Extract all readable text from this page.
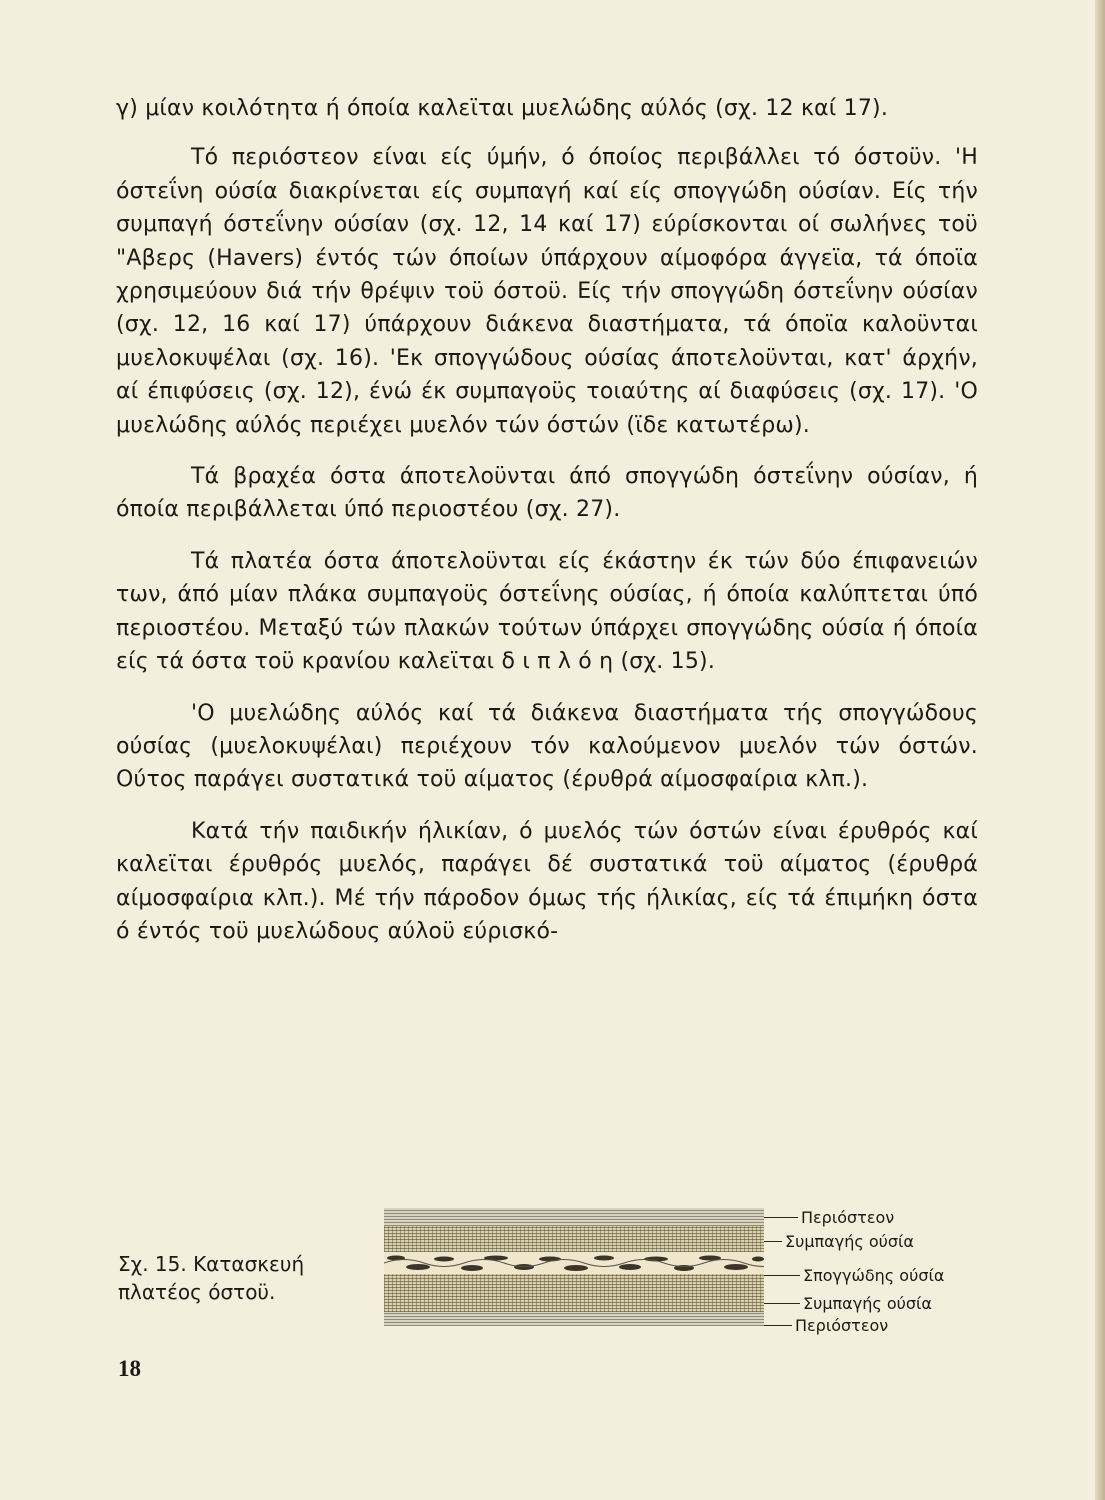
γ) μίαν κοιλότητα ή όποία καλεϊται μυελώδης αύλός (σχ. 12 καί 17).

Τό περιόστεον είναι είς ύμήν, ό όποίος περιβάλλει τό όστοϋν. 'Η όστεΐνη ούσία διακρίνεται είς συμπαγή καί είς σπογγώδη ούσίαν. Είς τήν συμπαγή όστεΐνην ούσίαν (σχ. 12, 14 καί 17) εύρίσκονται οί σωλήνες τοϋ "Αβερς (Havers) έντός τών όποίων ύπάρχουν αίμοφόρα άγγεϊα, τά όποϊα χρησιμεύουν διά τήν θρέψιν τοϋ όστοϋ. Είς τήν σπογγώδη όστεΐνην ούσίαν (σχ. 12, 16 καί 17) ύπάρχουν διάκενα διαστήματα, τά όποϊα καλοϋνται μυελοκυψέλαι (σχ. 16). 'Εκ σπογγώδους ούσίας άποτελοϋνται, κατ' άρχήν, αί έπιφύσεις (σχ. 12), ένώ έκ συμπαγοϋς τοιαύτης αί διαφύσεις (σχ. 17). 'Ο μυελώδης αύλός περιέχει μυελόν τών όστών (ϊδε κατωτέρω).

Τά βραχέα όστα άποτελοϋνται άπό σπογγώδη όστεΐνην ούσίαν, ή όποία περιβάλλεται ύπό περιοστέου (σχ. 27).

Τά πλατέα όστα άποτελοϋνται είς έκάστην έκ τών δύο έπιφανειών των, άπό μίαν πλάκα συμπαγοϋς όστεΐνης ούσίας, ή όποία καλύπτεται ύπό περιοστέου. Μεταξύ τών πλακών τούτων ύπάρχει σπογγώδης ούσία ή όποία είς τά όστα τοϋ κρανίου καλεϊται δ ι π λ ό η (σχ. 15).

'Ο μυελώδης αύλός καί τά διάκενα διαστήματα τής σπογγώδους ούσίας (μυελοκυψέλαι) περιέχουν τόν καλούμενον μυελόν τών όστών. Ούτος παράγει συστατικά τοϋ αίματος (έρυθρά αίμοσφαίρια κλπ.).

Κατά τήν παιδικήν ήλικίαν, ό μυελός τών όστών είναι έρυθρός καί καλεϊται έρυθρός μυελός, παράγει δέ συστατικά τοϋ αίματος (έρυθρά αίμοσφαίρια κλπ.). Μέ τήν πάροδον όμως τής ήλικίας, είς τά έπιμήκη όστα ό έντός τοϋ μυελώδους αύλοϋ εύρισκό-

Σχ. 15. Κατασκευή
πλατέος όστοϋ.
Περιόστεον
Συμπαγής ούσία
Σπογγώδης ούσία
Συμπαγής ούσία
Περιόστεον
18
